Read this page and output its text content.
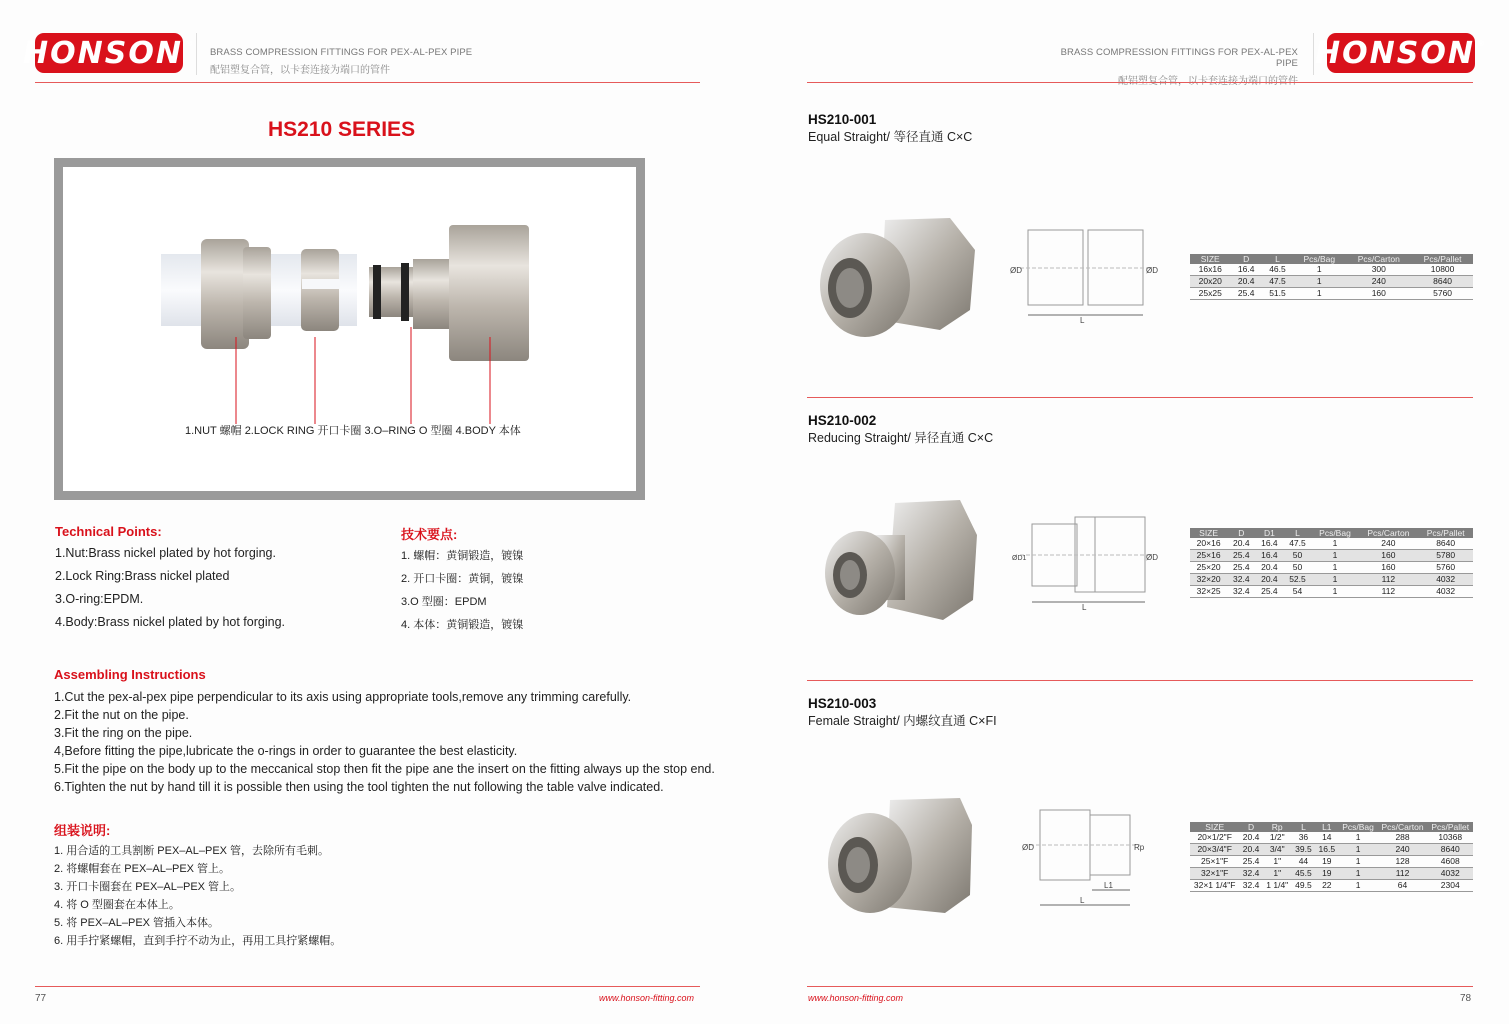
HONSON ®
BRASS COMPRESSION FITTINGS FOR PEX-AL-PEX PIPE
配铝塑复合管，以卡套连接为端口的管件
HS210 SERIES
1.NUT 螺帽 2.LOCK RING 开口卡圈 3.O–RING O 型圈 4.BODY 本体
Technical Points:
1.Nut:Brass nickel plated by hot forging.
2.Lock Ring:Brass nickel plated
3.O-ring:EPDM.
4.Body:Brass nickel plated by hot forging.
技术要点:
1. 螺帽：黄铜锻造，镀镍
2. 开口卡圈：黄铜，镀镍
3.O 型圈：EPDM
4. 本体：黄铜锻造，镀镍
Assembling Instructions
1.Cut the pex-al-pex pipe perpendicular to its axis using appropriate tools,remove any trimming carefully.
2.Fit the nut on the pipe.
3.Fit the ring on the pipe.
4,Before fitting the pipe,lubricate the o-rings in order to guarantee the best elasticity.
5.Fit the pipe on the body up to the meccanical stop then fit the pipe ane the insert on the fitting always up the stop end.
6.Tighten the nut by hand till it is possible then using the tool tighten the nut following the table valve indicated.
组装说明:
1. 用合适的工具割断 PEX–AL–PEX 管，去除所有毛刺。
2. 将螺帽套在 PEX–AL–PEX 管上。
3. 开口卡圈套在 PEX–AL–PEX 管上。
4. 将 O 型圈套在本体上。
5. 将 PEX–AL–PEX 管插入本体。
6. 用手拧紧螺帽，直到手拧不动为止，再用工具拧紧螺帽。
77	www.honson-fitting.com
BRASS COMPRESSION FITTINGS FOR PEX-AL-PEX PIPE HONSON ®
HS210-001
Equal Straight/ 等径直通 C×C
ØD	ØD
L
SIZE	D	L	Pcs/Bag	Pcs/Carton	Pcs/Pallet
16x16	16.4	46.5	1	300	10800
20x20	20.4	47.5	1	240	8640
25x25	25.4	51.5	1	160	5760
HS210-002
Reducing Straight/ 异径直通 C×C
ØD1	ØD
L
SIZE	D	D1	L	Pcs/Bag	Pcs/Carton	Pcs/Pallet
20×16	20.4	16.4	47.5	1	240	8640
25×16	25.4	16.4	50	1	160	5780
25×20	25.4	20.4	50	1	160	5760
32×20	32.4	20.4	52.5	1	112	4032
32×25	32.4	25.4	54	1	112	4032
HS210-003
Female Straight/ 内螺纹直通 C×FI
ØD	Rp
L1
L
SIZE	D	Rp	L	L1	Pcs/Bag	Pcs/Carton	Pcs/Pallet
20×1/2"F	20.4	1/2"	36	14	1	288	10368
20×3/4"F	20.4	3/4"	39.5	16.5	1	240	8640
25×1"F	25.4	1"	44	19	1	128	4608
32×1"F	32.4	1"	45.5	19	1	112	4032
32×1 1/4"F	32.4	1 1/4"	49.5	22	1	64	2304
www.honson-fitting.com	78
